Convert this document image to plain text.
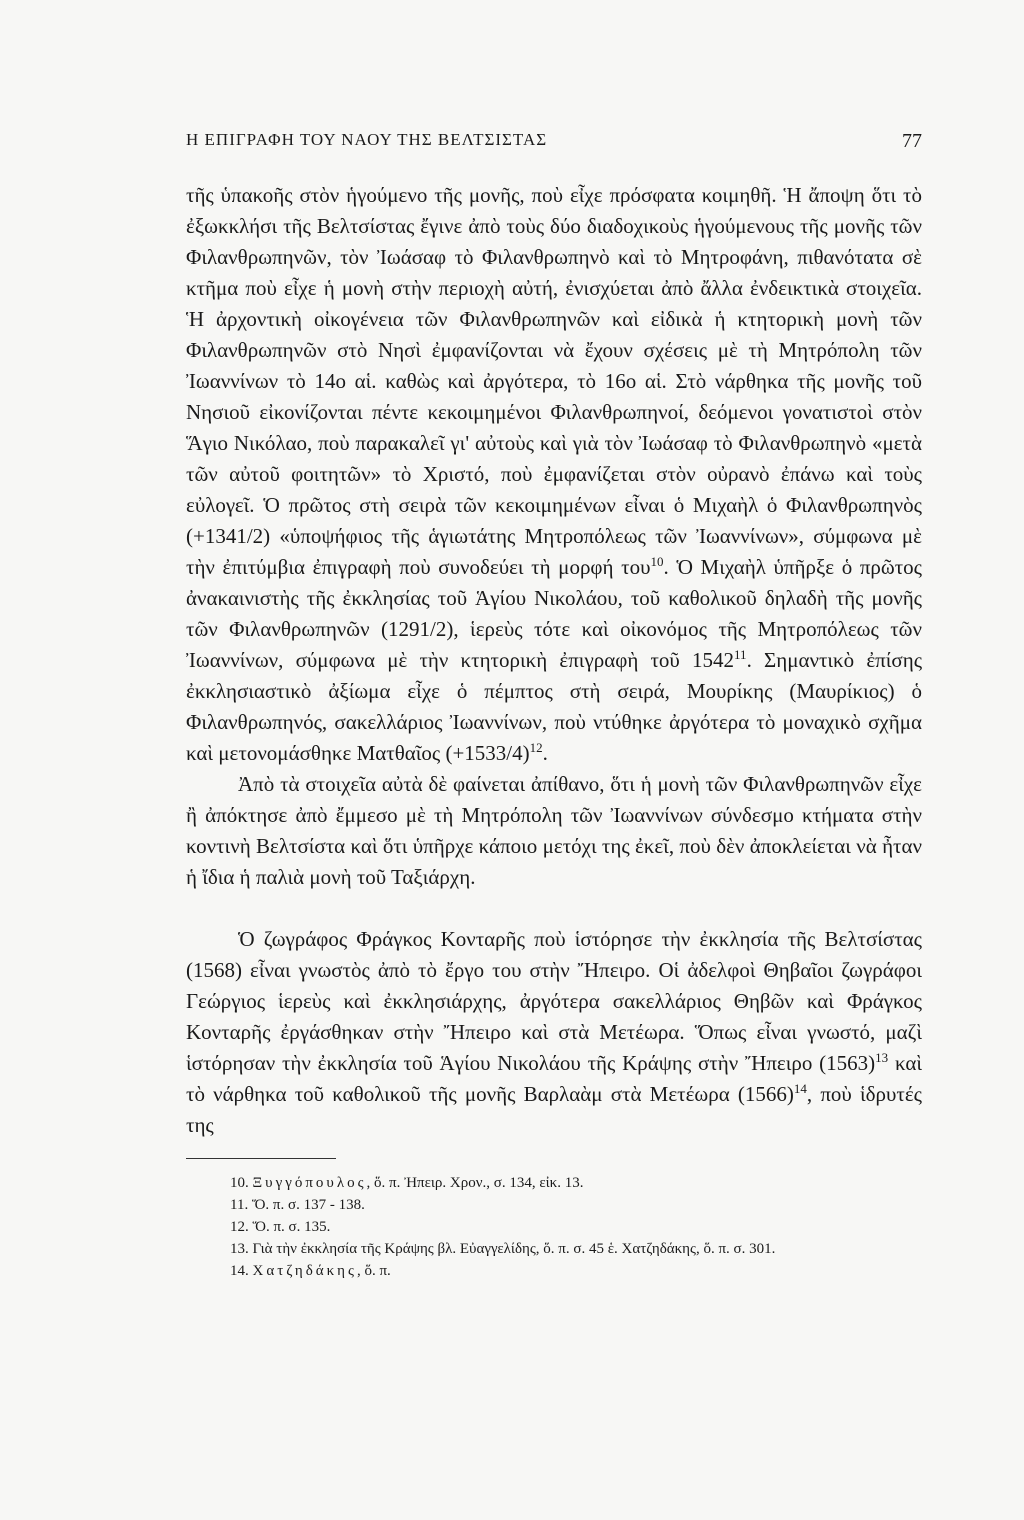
Η ΕΠΙΓΡΑΦΗ ΤΟΥ ΝΑΟΥ ΤΗΣ ΒΕΛΤΣΙΣΤΑΣ	77

τῆς ὑπακοῆς στὸν ἡγούμενο τῆς μονῆς, ποὺ εἶχε πρόσφατα κοιμηθῆ. Ἡ ἄποψη ὅτι τὸ ἐξωκκλήσι τῆς Βελτσίστας ἔγινε ἀπὸ τοὺς δύο διαδοχικοὺς ἡγούμενους τῆς μονῆς τῶν Φιλανθρωπηνῶν, τὸν Ἰωάσαφ τὸ Φιλανθρωπηνὸ καὶ τὸ Μητροφάνη, πιθανότατα σὲ κτῆμα ποὺ εἶχε ἡ μονὴ στὴν περιοχὴ αὐτή, ἐνισχύεται ἀπὸ ἄλλα ἐνδεικτικὰ στοιχεῖα. Ἡ ἀρχοντικὴ οἰκογένεια τῶν Φιλανθρωπηνῶν καὶ εἰδικὰ ἡ κτητορικὴ μονὴ τῶν Φιλανθρωπηνῶν στὸ Νησὶ ἐμφανίζονται νὰ ἔχουν σχέσεις μὲ τὴ Μητρόπολη τῶν Ἰωαννίνων τὸ 14ο αἱ. καθὼς καὶ ἀργότερα, τὸ 16ο αἱ. Στὸ νάρθηκα τῆς μονῆς τοῦ Νησιοῦ εἰκονίζονται πέντε κεκοιμημένοι Φιλανθρωπηνοί, δεόμενοι γονατιστοὶ στὸν Ἅγιο Νικόλαο, ποὺ παρακαλεῖ γι' αὐτοὺς καὶ γιὰ τὸν Ἰωάσαφ τὸ Φιλανθρωπηνὸ «μετὰ τῶν αὐτοῦ φοιτητῶν» τὸ Χριστό, ποὺ ἐμφανίζεται στὸν οὐρανὸ ἐπάνω καὶ τοὺς εὐλογεῖ. Ὁ πρῶτος στὴ σειρὰ τῶν κεκοιμημένων εἶναι ὁ Μιχαὴλ ὁ Φιλανθρωπηνὸς (+1341/2) «ὑποψήφιος τῆς ἁγιωτάτης Μητροπόλεως τῶν Ἰωαννίνων», σύμφωνα μὲ τὴν ἐπιτύμβια ἐπιγραφὴ ποὺ συνοδεύει τὴ μορφή του$^{10}$. Ὁ Μιχαὴλ ὑπῆρξε ὁ πρῶτος ἀνακαινιστὴς τῆς ἐκκλησίας τοῦ Ἁγίου Νικολάου, τοῦ καθολικοῦ δηλαδὴ τῆς μονῆς τῶν Φιλανθρωπηνῶν (1291/2), ἱερεὺς τότε καὶ οἰκονόμος τῆς Μητροπόλεως τῶν Ἰωαννίνων, σύμφωνα μὲ τὴν κτητορικὴ ἐπιγραφὴ τοῦ 1542$^{11}$. Σημαντικὸ ἐπίσης ἐκκλησιαστικὸ ἀξίωμα εἶχε ὁ πέμπτος στὴ σειρά, Μουρίκης (Μαυρίκιος) ὁ Φιλανθρωπηνός, σακελλάριος Ἰωαννίνων, ποὺ ντύθηκε ἀργότερα τὸ μοναχικὸ σχῆμα καὶ μετονομάσθηκε Ματθαῖος $(+1533/4)^{12}$.

Ἀπὸ τὰ στοιχεῖα αὐτὰ δὲ φαίνεται ἀπίθανο, ὅτι ἡ μονὴ τῶν Φιλανθρωπηνῶν εἶχε ἢ ἀπόκτησε ἀπὸ ἔμμεσο μὲ τὴ Μητρόπολη τῶν Ἰωαννίνων σύνδεσμο κτήματα στὴν κοντινὴ Βελτσίστα καὶ ὅτι ὑπῆρχε κάποιο μετόχι της ἐκεῖ, ποὺ δὲν ἀποκλείεται νὰ ἦταν ἡ ἴδια ἡ παλιὰ μονὴ τοῦ Ταξιάρχη.

Ὁ ζωγράφος Φράγκος Κονταρῆς ποὺ ἱστόρησε τὴν ἐκκλησία τῆς Βελτσίστας (1568) εἶναι γνωστὸς ἀπὸ τὸ ἔργο του στὴν Ἤπειρο. Οἱ ἀδελφοὶ Θηβαῖοι ζωγράφοι Γεώργιος ἱερεὺς καὶ ἐκκλησιάρχης, ἀργότερα σακελλάριος Θηβῶν καὶ Φράγκος Κονταρῆς ἐργάσθηκαν στὴν Ἤπειρο καὶ στὰ Μετέωρα. Ὅπως εἶναι γνωστό, μαζὶ ἱστόρησαν τὴν ἐκκλησία τοῦ Ἁγίου Νικολάου τῆς Κράψης στὴν Ἤπειρο $(1563)^{13}$ καὶ τὸ νάρθηκα τοῦ καθολικοῦ τῆς μονῆς Βαρλαὰμ στὰ Μετέωρα $(1566)^{14}$, ποὺ ἱδρυτές της

10. Ξυγγόπουλος, ὅ. π. Ἠπειρ. Χρον., σ. 134, εἰκ. 13.

11. Ὅ. π. σ. 137 - 138.

12. Ὅ. π. σ. 135.

13. Γιὰ τὴν ἐκκλησία τῆς Κράψης βλ. Εὐαγγελίδης, ὅ. π. σ. 45 ἑ. Χατζηδάκης, ὅ. π. σ. 301.

14. Χατζηδάκης, ὅ. π.
